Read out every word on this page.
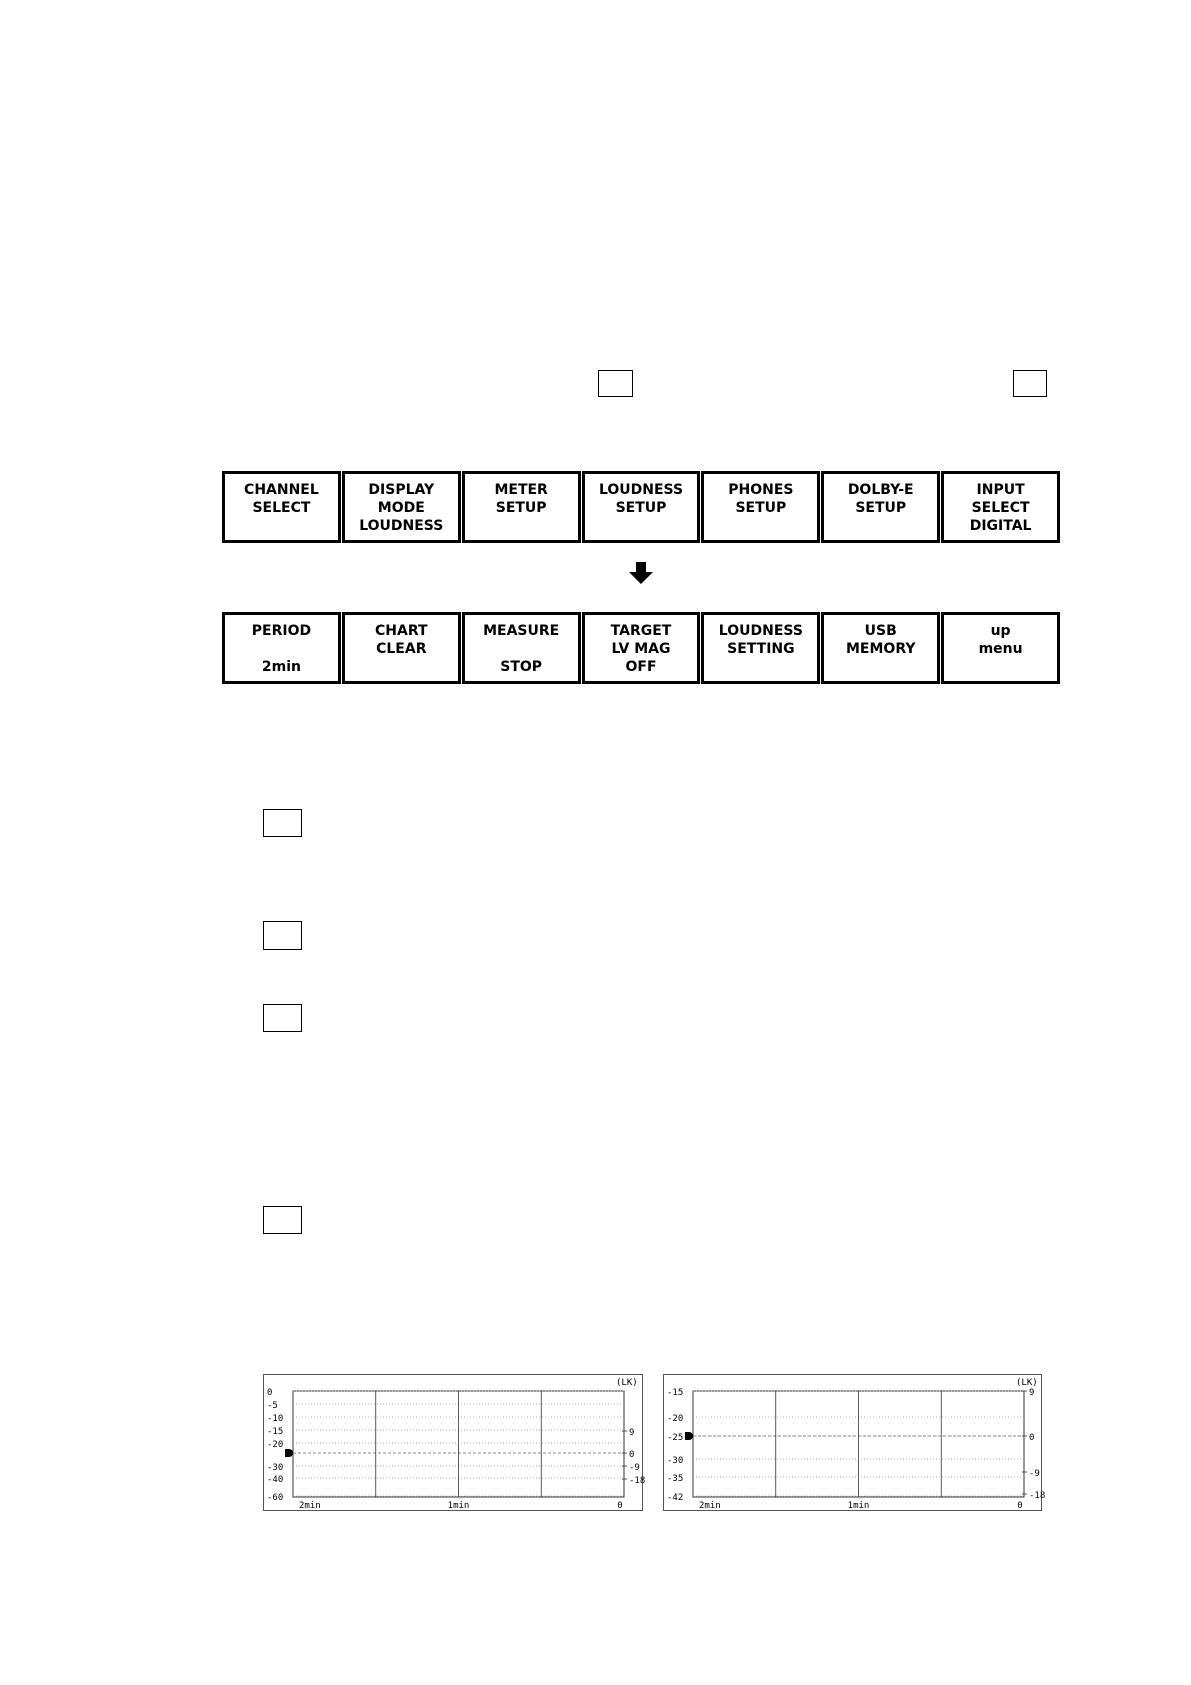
CHANNEL
SELECT
DISPLAY
MODE
LOUDNESS
METER
SETUP
LOUDNESS
SETUP
PHONES
SETUP
DOLBY-E
SETUP
INPUT
SELECT
DIGITAL
PERIOD
2min
CHART
CLEAR
MEASURE
STOP
TARGET
LV MAG
OFF
LOUDNESS
SETTING
USB
MEMORY
up
menu
0
-5
-10
-15
-20
-30
-40
-60
9
0
-9
-18
(LK)
2min	1min	0
-15
-20
-25
-30
-35
-42
9
0
-9
-18
(LK)
2min	1min	0
